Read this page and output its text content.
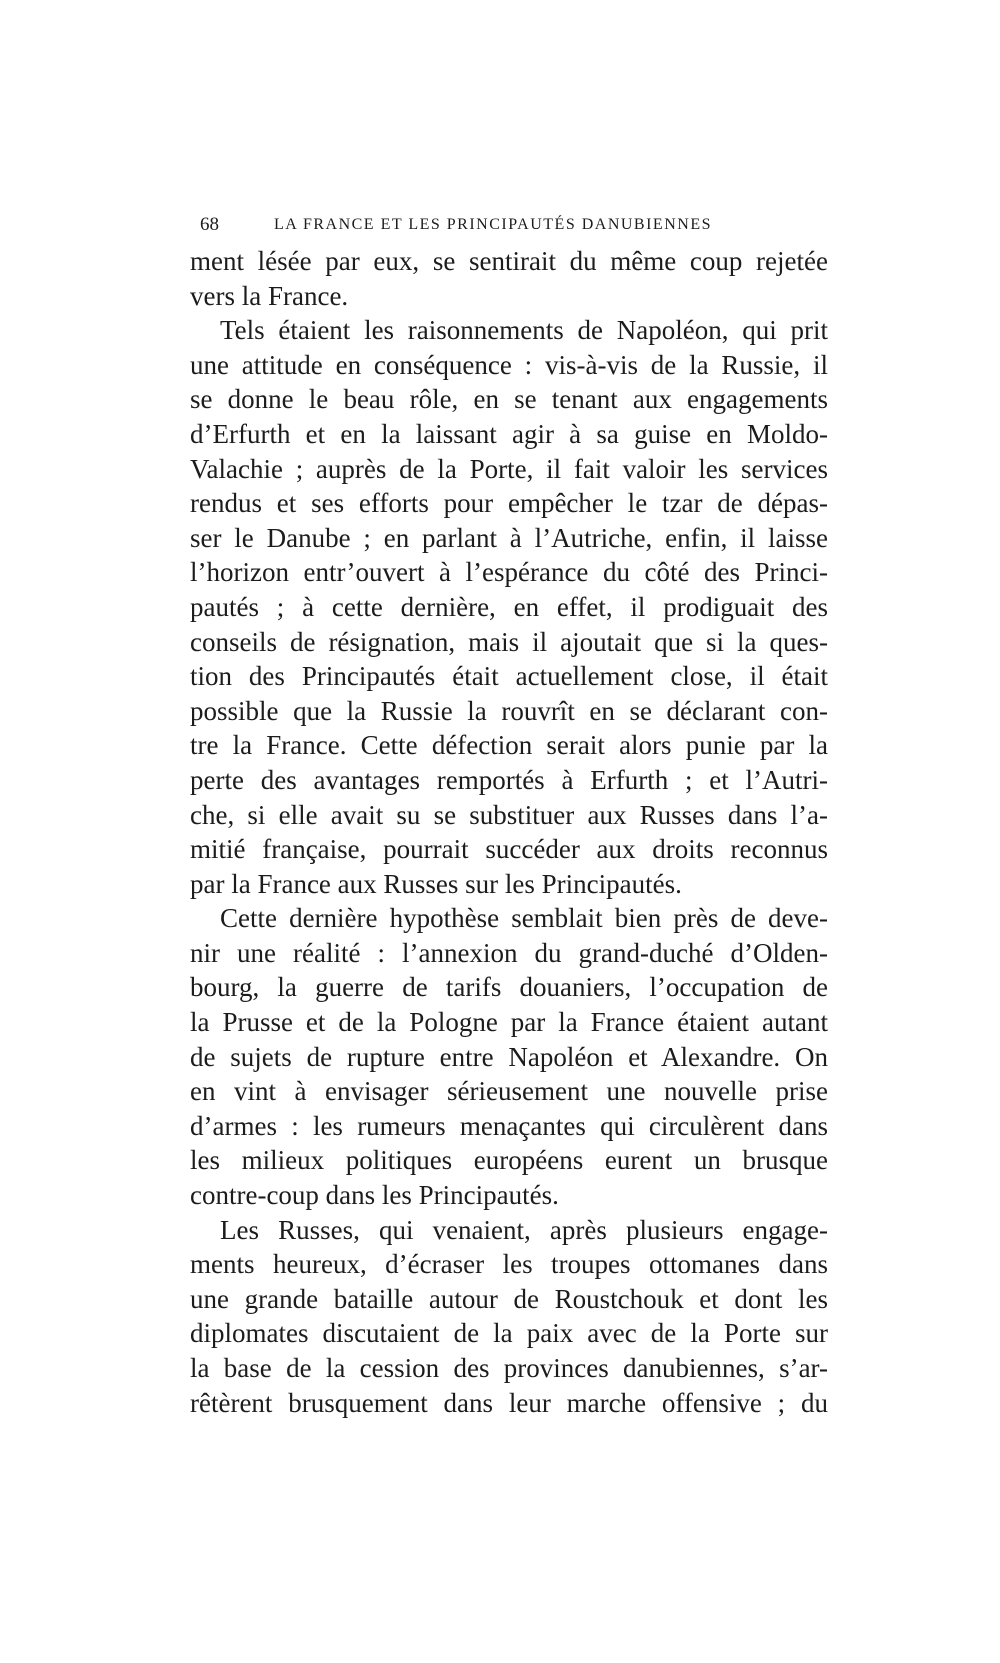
68	LA FRANCE ET LES PRINCIPAUTÉS DANUBIENNES
ment lésée par eux, se sentirait du même coup rejetée
vers la France.
Tels étaient les raisonnements de Napoléon, qui prit
une attitude en conséquence : vis-à-vis de la Russie, il
se donne le beau rôle, en se tenant aux engagements
d’Erfurth et en la laissant agir à sa guise en Moldo-
Valachie ; auprès de la Porte, il fait valoir les services
rendus et ses efforts pour empêcher le tzar de dépas-
ser le Danube ; en parlant à l’Autriche, enfin, il laisse
l’horizon entr’ouvert à l’espérance du côté des Princi-
pautés ; à cette dernière, en effet, il prodiguait des
conseils de résignation, mais il ajoutait que si la ques-
tion des Principautés était actuellement close, il était
possible que la Russie la rouvrît en se déclarant con-
tre la France. Cette défection serait alors punie par la
perte des avantages remportés à Erfurth ; et l’Autri-
che, si elle avait su se substituer aux Russes dans l’a-
mitié française, pourrait succéder aux droits reconnus
par la France aux Russes sur les Principautés.
Cette dernière hypothèse semblait bien près de deve-
nir une réalité : l’annexion du grand-duché d’Olden-
bourg, la guerre de tarifs douaniers, l’occupation de
la Prusse et de la Pologne par la France étaient autant
de sujets de rupture entre Napoléon et Alexandre. On
en vint à envisager sérieusement une nouvelle prise
d’armes : les rumeurs menaçantes qui circulèrent dans
les milieux politiques européens eurent un brusque
contre-coup dans les Principautés.
Les Russes, qui venaient, après plusieurs engage-
ments heureux, d’écraser les troupes ottomanes dans
une grande bataille autour de Roustchouk et dont les
diplomates discutaient de la paix avec de la Porte sur
la base de la cession des provinces danubiennes, s’ar-
rêtèrent brusquement dans leur marche offensive ; du
